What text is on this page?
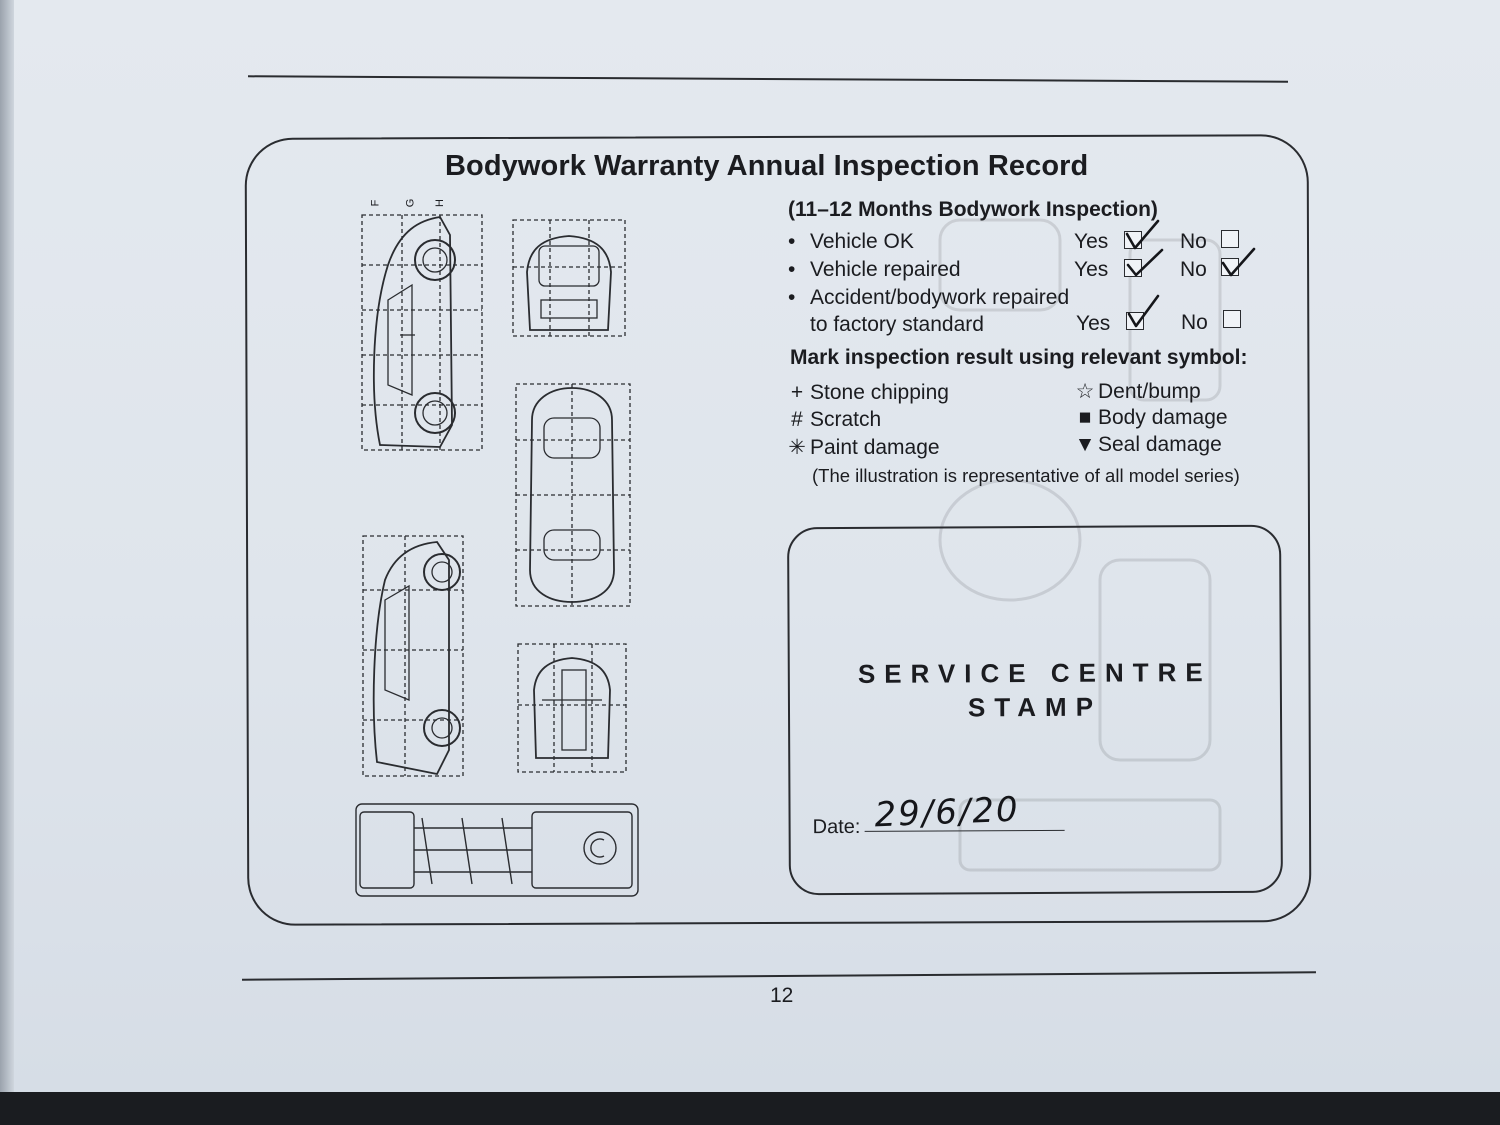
Bodywork Warranty Annual Inspection Record
(11–12 Months Bodywork Inspection)
• Vehicle OK	Yes	No
• Vehicle repaired	Yes	No
• Accident/bodywork repaired
to factory standard	Yes	No
Mark inspection result using relevant symbol:
+ Stone chipping
# Scratch
✳ Paint damage
☆ Dent/bump
■ Body damage
▼ Seal damage
(The illustration is representative of all model series)
SERVICE CENTRE
STAMP
Date: 29/6/20
F G H
12
